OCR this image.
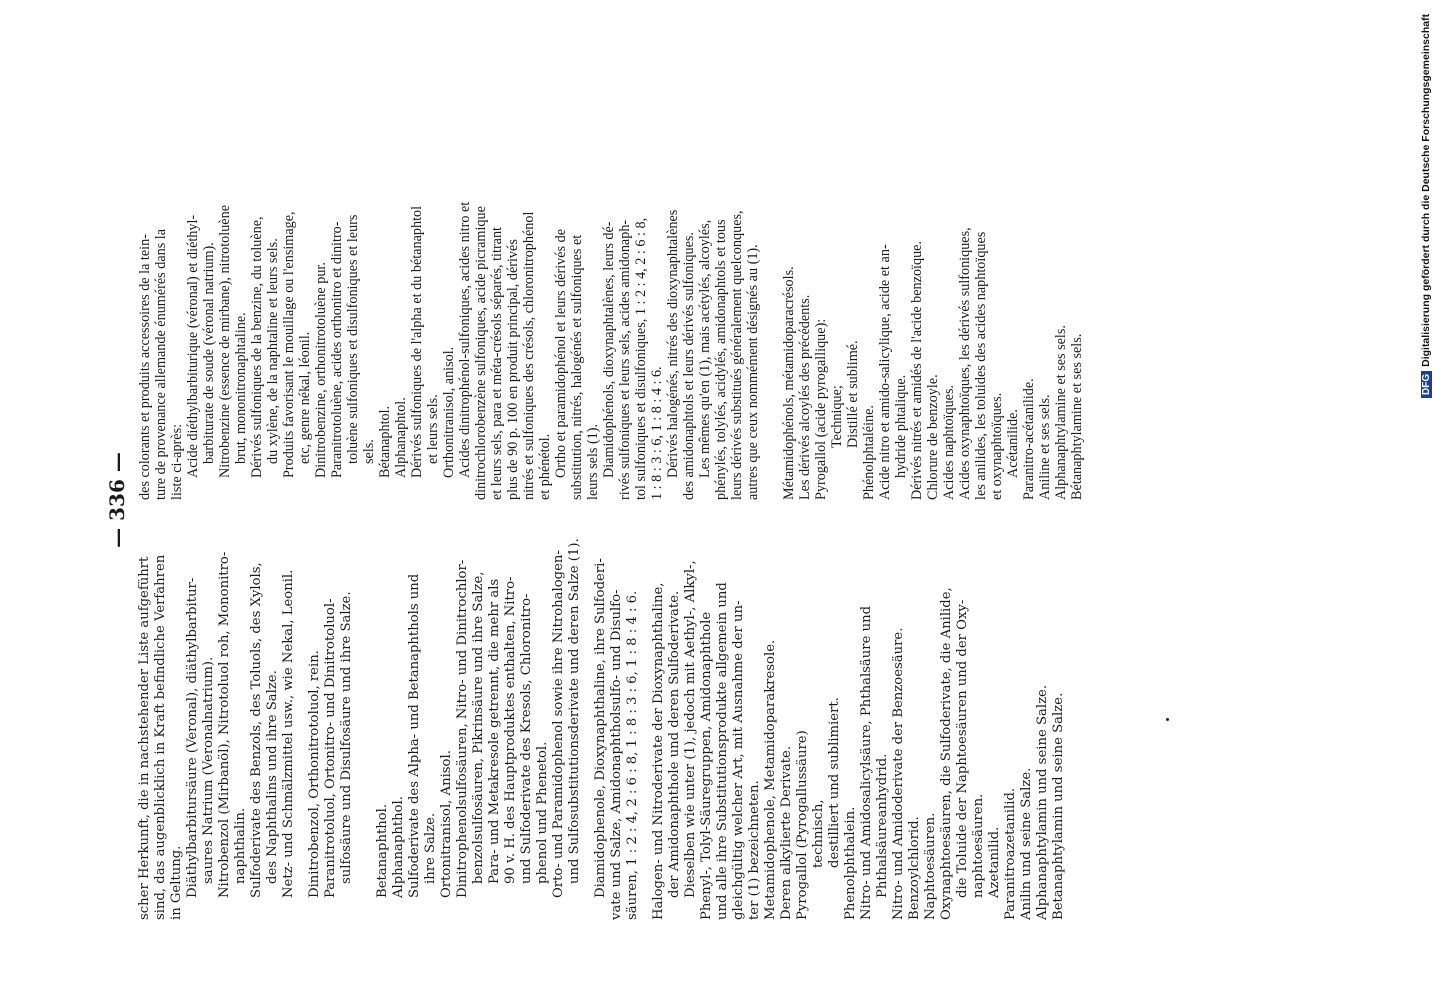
— 336 —
scher Herkunft, die in nachstehender Liste aufgeführt sind, das augenblicklich in Kraft befindliche Verfahren in Geltung. Diäthylbarbitursäure (Veronal), diäthylbarbitur- saures Natrium (Veronalnatrium). Nitrobenzol (Mirbanöl), Nitrotoluol roh, Mononitro- naphthalin. Sulfoderivate des Benzols, des Toluols, des Xylols, des Naphthalins und ihre Salze. Netz- und Schmälzmittel usw., wie Nekal, Leonil. Dinitrobenzol, Orthonitrotoluol, rein. Paranitrotoluol, Ortonitro- und Dinitrotoluol- sulfosäure und Disulfosäure und ihre Salze. Betanaphthol. Alphanaphthol. Sulfoderivate des Alpha- und Betanaphthols und ihre Salze. Ortonitranisol, Anisol. Dinitrophenolsulfosäuren, Nitro- und Dinitrochlor- benzolsulfosäuren, Pikrinsäure und ihre Salze, Para- und Metakresole getrennt, die mehr als 90 v. H. des Hauptproduktes enthalten, Nitro- und Sulfoderivate des Kresols, Chloronitro- phenol und Phenetol. Orto- und Paramidophenol sowie ihre Nitrohalogen- und Sulfosubstitutionsderivate und deren Salze (1). Diamidophenole, Dioxynaphthaline, ihre Sulfoderi- vate und Salze, Amidonaphtholsulfo- und Disulfo- säuren, 1 : 2 : 4, 2 : 6 : 8, 1 : 8 : 3 : 6, 1 : 8 : 4 : 6. Halogen- und Nitroderivate der Dioxynaphthaline, der Amidonaphthole und deren Sulfoderivate. Dieselben wie unter (1), jedoch mit Aethyl-, Alkyl-, Phenyl-, Tolyl-Säuregruppen, Amidonaphthole und alle ihre Substitutionsprodukte allgemein und gleichgültig welcher Art, mit Ausnahme der un- ter (1) bezeichneten. Metamidophenole, Metamidoparakresole. Deren alkylierte Derivate. Pyrogallol (Pyrogallussäure) technisch, destilliert und sublimiert. Phenolphthalein. Nitro- und Amidosalicylsäure, Phthalsäure und Phthalsäureanhydrid. Nitro- und Amidoderivate der Benzoesäure. Benzoylchlorid. Naphtoesäuren. Oxynaphtoesäuren, die Sulfoderivate, die Anilide, die Toluide der Naphtoesäuren und der Oxy- naphtoesäuren. Azetanilid. Paranitroazetanilid. Anilin und seine Salze. Alphanaphtylamin und seine Salze. Betanaphtylamin und seine Salze.
des colorants et produits accessoires de la tein- ture de provenance allemande énumérés dans la liste ci-après: Acide diéthylbarbiturique (véronal) et diéthyl- barbiturate de soude (véronal natrium). Nitrobenzine (essence de mirbane), nitrotoluène brut, mononitronaphtaline. Dérivés sulfoniques de la benzine, du toluène, du xylène, de la naphtaline et leurs sels. Produits favorisant le mouillage ou l'ensimage, etc, genre nékal, léonil. Dinitrobenzine, orthonitrotoluène pur. Paranitrotoluène, acides orthonitro et dinitro- toluène sulfoniques et disulfoniques et leurs sels. Bétanaphtol. Alphanaphtol. Dérivés sulfoniques de l'alpha et du bétanaphtol et leurs sels. Orthonitranisol, anisol. Acides dinitrophénol-sulfoniques, acides nitro et dinitrochlorobenzène sulfoniques, acide picramique et leurs sels, para et méta-crésols séparés, titrant plus de 90 p. 100 en produit principal, dérivés nitrés et sulfoniques des crésols, chloronitrophénol et phénétol. Ortho et paramidophénol et leurs dérivés de substitution, nitrés, halogénés et sulfoniques et leurs sels (1). Diamidophénols, dioxynaphtalènes, leurs dé- rivés sulfoniques et leurs sels, acides amidonaph- tol sulfoniques et disulfoniques, 1 : 2 : 4, 2 : 6 : 8, 1 : 8 : 3 : 6, 1 : 8 : 4 : 6. Dérivés halogénés, nitrés des dioxynaphtalènes des amidonaphtols et leurs dérivés sulfoniques. Les mêmes qu'en (1), mais acétylés, alcoylés, phénylés, tolylés, acidylés, amidonaphtols et tous leurs dérivés substitués généralement quelconques, autres que ceux nommément désignés au (1). Métamidophénols, métamidoparacrésols. Les dérivés alcoylés des précédents. Pyrogallol (acide pyrogallique): Technique; Distillé et sublimé.
Phénolphtaléine. Acide nitro et amido-salicylique, acide et an- hydride phtalique. Dérivés nitrés et amidés de l'acide benzoïque. Chlorure de benzoyle. Acides naphtoïques. Acides oxynaphtoïques, les dérivés sulfoniques, les anilides, les toluides des acides naphtoïques et oxynaphtoïques. Acétanilide. Paranitro-acétanilide. Aniline et ses sels. Alphanaphtylamine et ses sels. Bétanaphtylamine et ses sels.	DFGDigitalisierung gefördert durch die Deutsche Forschungsgemeinschaft
